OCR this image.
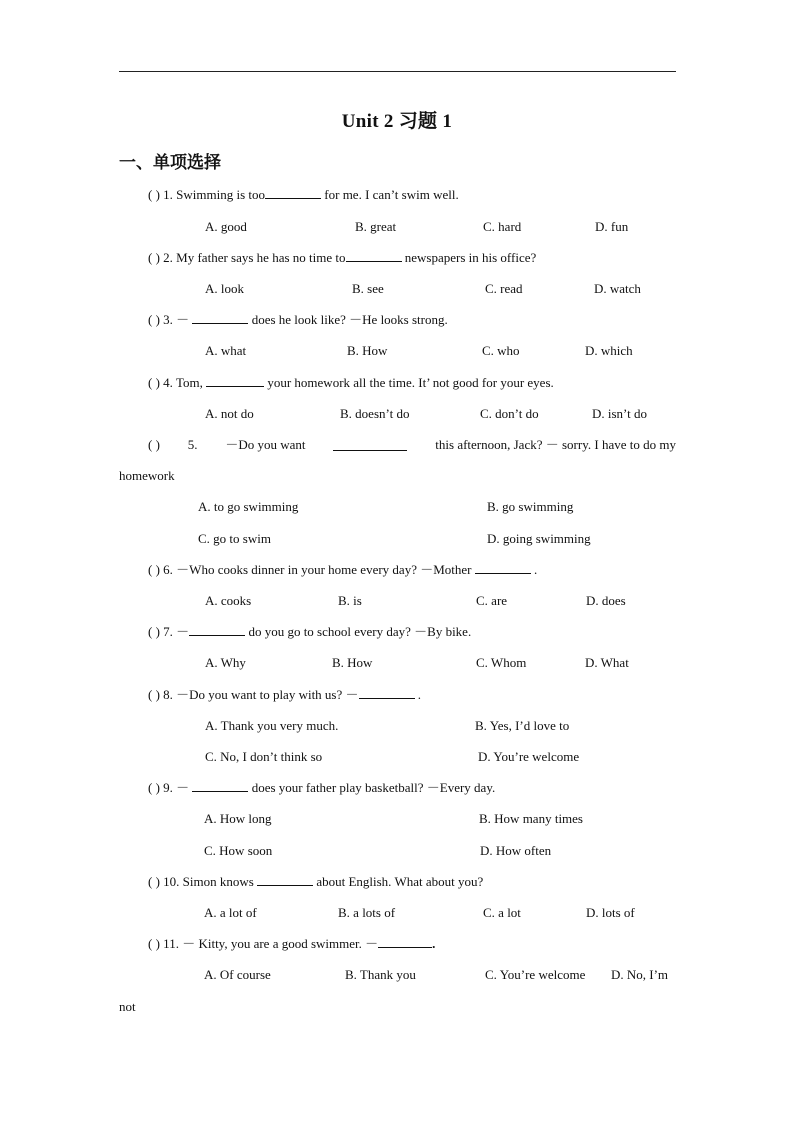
Unit 2 习题 1
一、单项选择
( ) 1. Swimming is too	for me. I can’t swim well.
A. good	B. great	C. hard	D. fun
( ) 2. My father says he has no time to	newspapers in his office?
A. look	B. see	C. read	D. watch
( ) 3. －	does he look like? －He looks strong.
A. what	B. How	C. who	D. which
( ) 4. Tom,	your homework all the time. It’ not good for your eyes.
A. not do	B. doesn’t do	C. don’t do	D. isn’t do
( ) 5. －Do you want	this afternoon, Jack? － sorry. I have to do my
homework
A. to go swimming	B. go swimming
C. go to swim	D. going swimming
( ) 6. －Who cooks dinner in your home every day? －Mother	.
A. cooks	B. is	C. are	D. does
( ) 7. －	do you go to school every day? －By bike.
A. Why	B. How	C. Whom	D. What
( ) 8. －Do you want to play with us? －	.
A. Thank you very much.	B. Yes, I’d love to
C. No, I don’t think so	D. You’re welcome
( ) 9. －	does your father play basketball? －Every day.
A. How long	B. How many times
C. How soon	D. How often
( ) 10. Simon knows	about English. What about you?
A. a lot of	B. a lots of	C. a lot	D. lots of
( ) 11. － Kitty, you are a good swimmer. －	.
A. Of course	B. Thank you	C. You’re welcome D. No, I’m
not
